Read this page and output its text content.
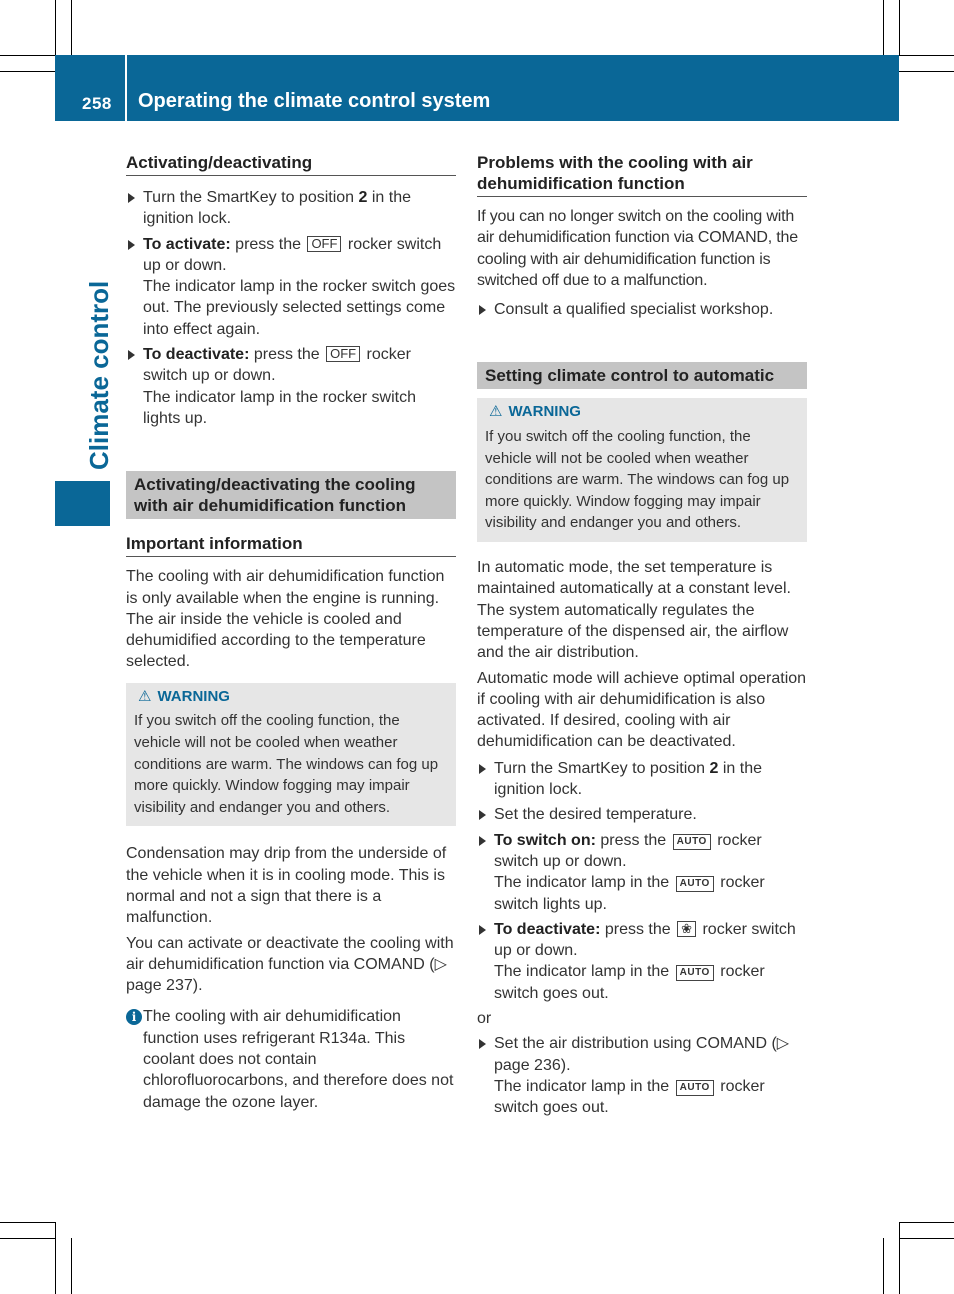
258 Operating the climate control system
Climate control
Activating/deactivating
Turn the SmartKey to position 2 in the ignition lock.
To activate: press the OFF rocker switch up or down.
The indicator lamp in the rocker switch goes out. The previously selected settings come into effect again.
To deactivate: press the OFF rocker switch up or down.
The indicator lamp in the rocker switch lights up.
Activating/deactivating the cooling with air dehumidification function
Important information

The cooling with air dehumidification function is only available when the engine is running. The air inside the vehicle is cooled and dehumidified according to the temperature selected.

⚠ WARNING
If you switch off the cooling function, the vehicle will not be cooled when weather conditions are warm. The windows can fog up more quickly. Window fogging may impair visibility and endanger you and others.

Condensation may drip from the underside of the vehicle when it is in cooling mode. This is normal and not a sign that there is a malfunction.

You can activate or deactivate the cooling with air dehumidification function via COMAND (▷ page 237).

i The cooling with air dehumidification function uses refrigerant R134a. This coolant does not contain chlorofluorocarbons, and therefore does not damage the ozone layer.
Problems with the cooling with air dehumidification function

If you can no longer switch on the cooling with air dehumidification function via COMAND, the cooling with air dehumidification function is switched off due to a malfunction.

Consult a qualified specialist workshop.
Setting climate control to automatic
⚠ WARNING
If you switch off the cooling function, the vehicle will not be cooled when weather conditions are warm. The windows can fog up more quickly. Window fogging may impair visibility and endanger you and others.

In automatic mode, the set temperature is maintained automatically at a constant level. The system automatically regulates the temperature of the dispensed air, the airflow and the air distribution.

Automatic mode will achieve optimal operation if cooling with air dehumidification is also activated. If desired, cooling with air dehumidification can be deactivated.

Turn the SmartKey to position 2 in the ignition lock.
Set the desired temperature.
To switch on: press the AUTO rocker switch up or down.
The indicator lamp in the AUTO rocker switch lights up.
To deactivate: press the ❀ rocker switch up or down.
The indicator lamp in the AUTO rocker switch goes out.
or
Set the air distribution using COMAND (▷ page 236).
The indicator lamp in the AUTO rocker switch goes out.
